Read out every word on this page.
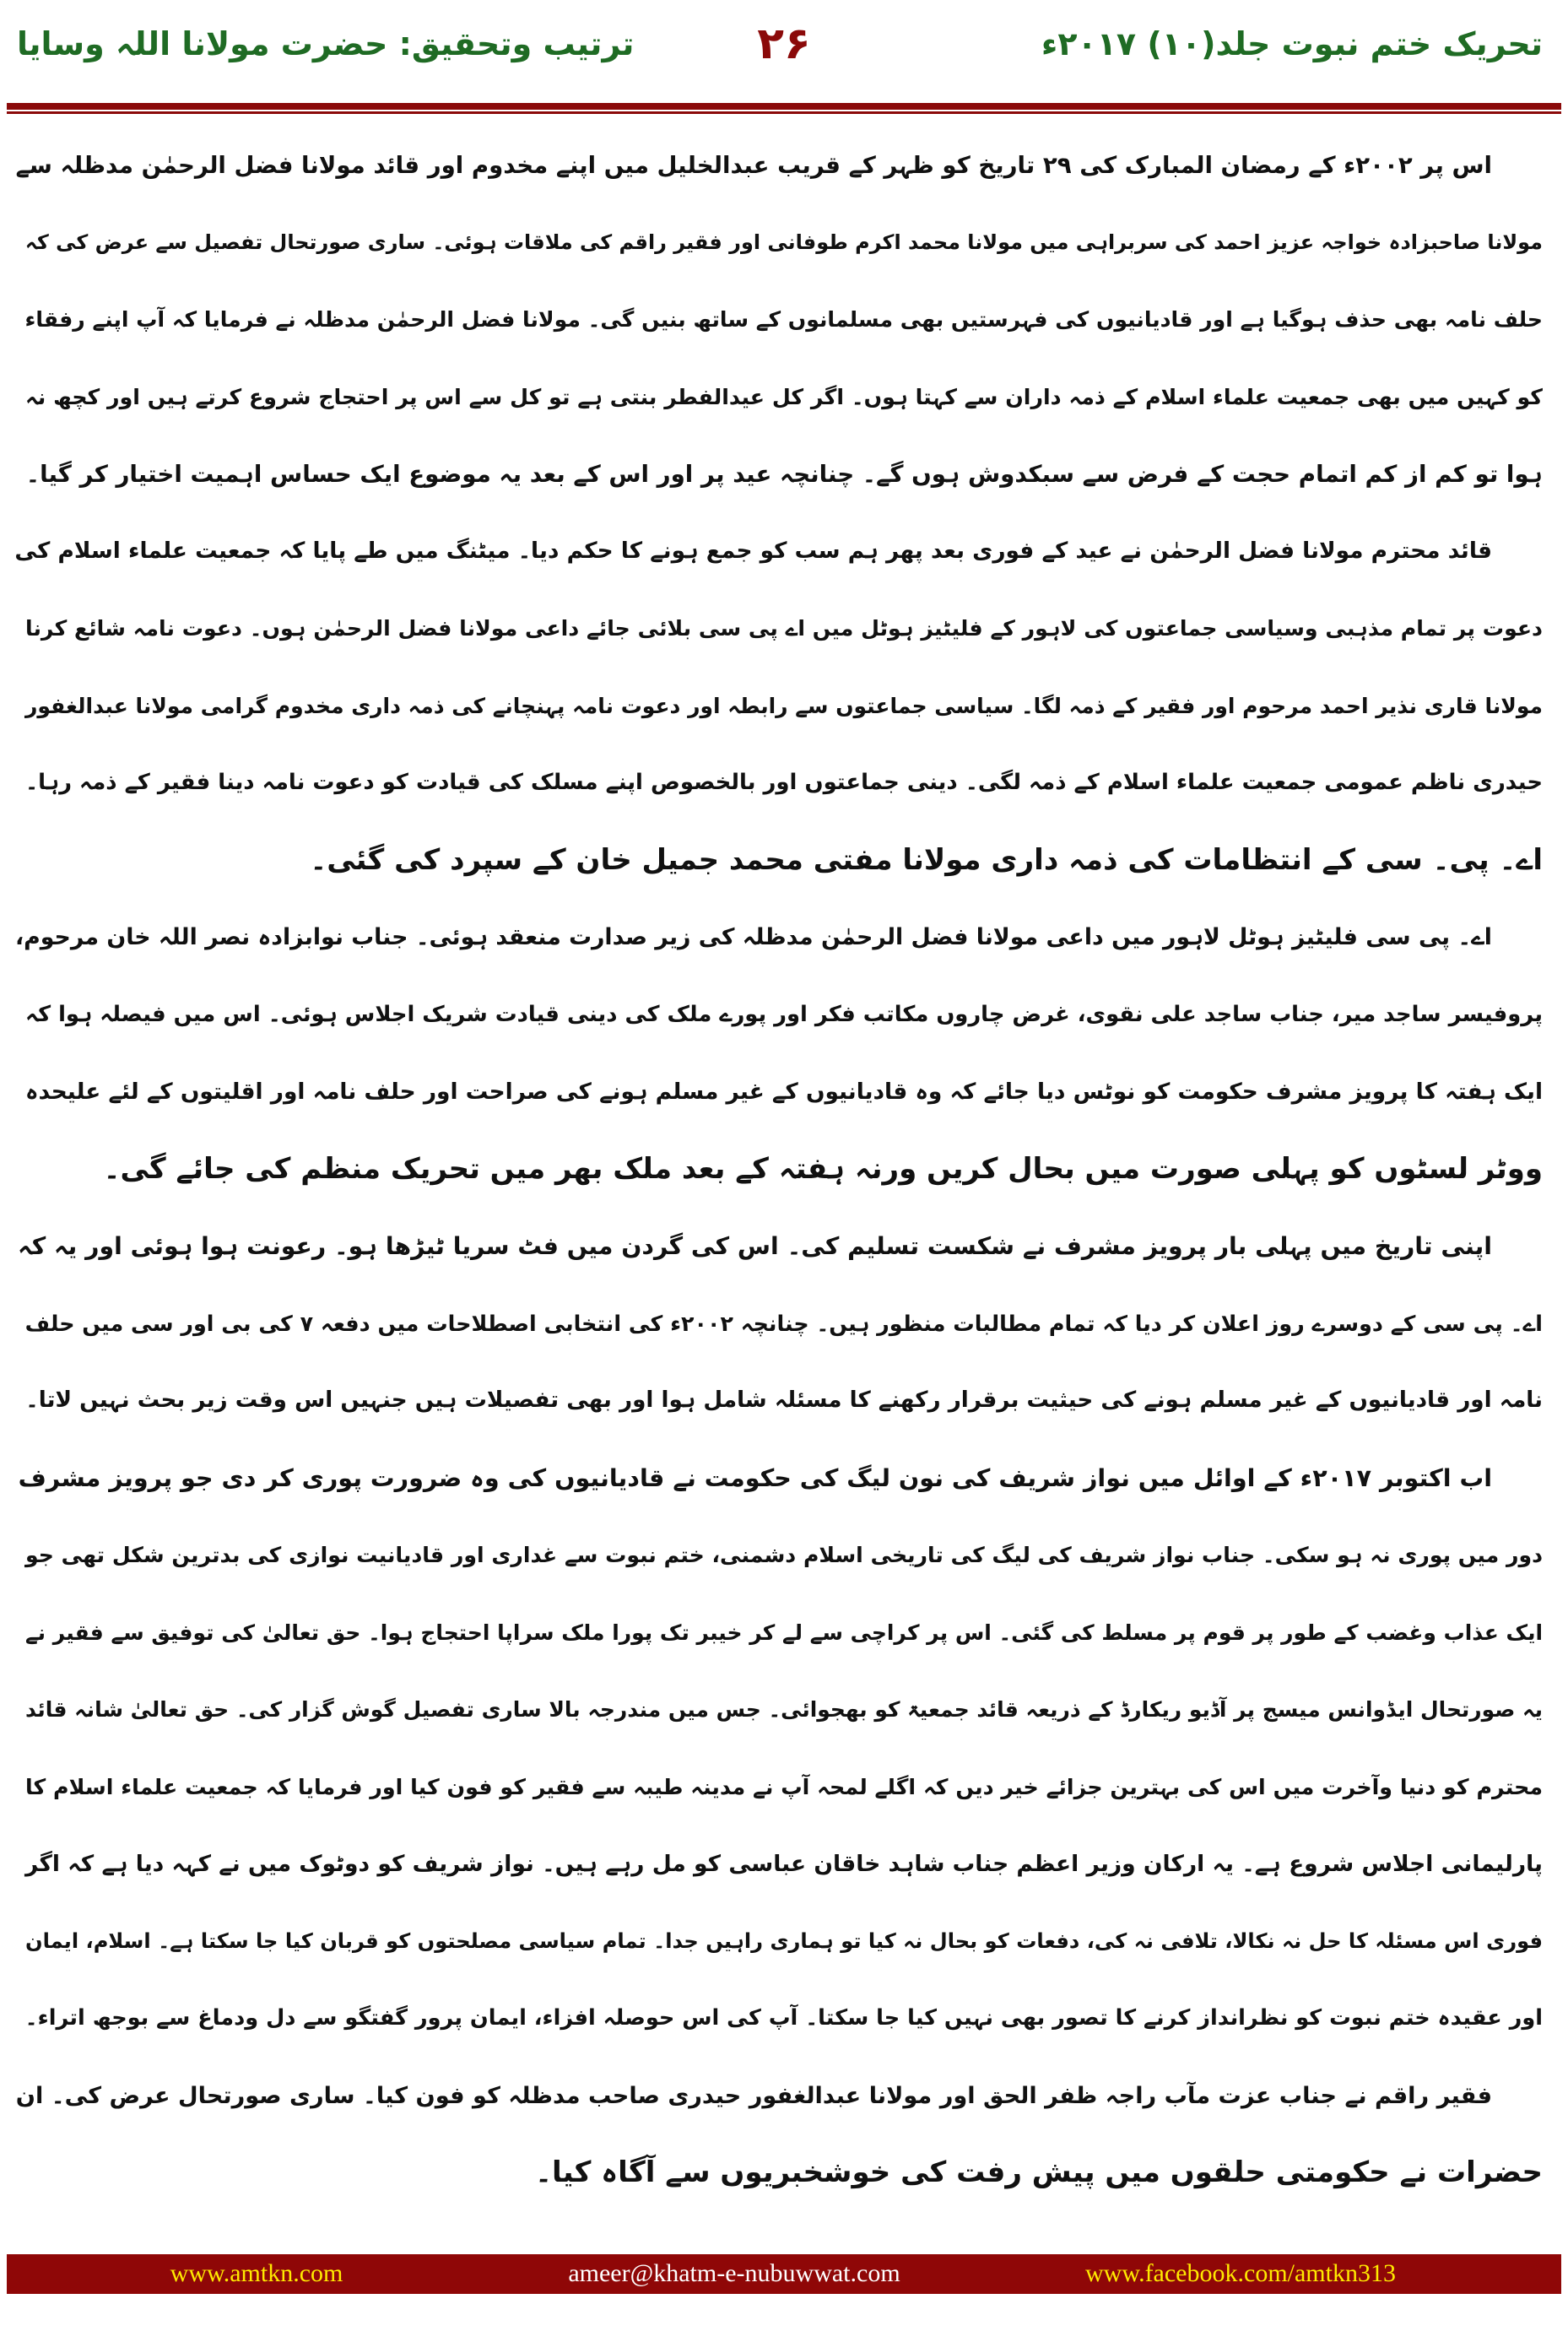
ترتیب وتحقیق: حضرت مولانا اللہ وسایا	۲۶	تحریک ختم نبوت جلد(۱۰) ۲۰۱۷ء
اس پر ۲۰۰۲ء کے رمضان المبارک کی ۲۹ تاریخ کو ظہر کے قریب عبدالخلیل میں اپنے مخدوم اور قائد مولانا فضل الرحمٰن مدظلہ سے
مولانا صاحبزادہ خواجہ عزیز احمد کی سربراہی میں مولانا محمد اکرم طوفانی اور فقیر راقم کی ملاقات ہوئی۔ ساری صورتحال تفصیل سے عرض کی کہ
حلف نامہ بھی حذف ہوگیا ہے اور قادیانیوں کی فہرستیں بھی مسلمانوں کے ساتھ بنیں گی۔ مولانا فضل الرحمٰن مدظلہ نے فرمایا کہ آپ اپنے رفقاء
کو کہیں میں بھی جمعیت علماء اسلام کے ذمہ داران سے کہتا ہوں۔ اگر کل عیدالفطر بنتی ہے تو کل سے اس پر احتجاج شروع کرتے ہیں اور کچھ نہ
ہوا تو کم از کم اتمام حجت کے فرض سے سبکدوش ہوں گے۔ چنانچہ عید پر اور اس کے بعد یہ موضوع ایک حساس اہمیت اختیار کر گیا۔
قائد محترم مولانا فضل الرحمٰن نے عید کے فوری بعد پھر ہم سب کو جمع ہونے کا حکم دیا۔ میٹنگ میں طے پایا کہ جمعیت علماء اسلام کی
دعوت پر تمام مذہبی وسیاسی جماعتوں کی لاہور کے فلیٹیز ہوٹل میں اے پی سی بلائی جائے داعی مولانا فضل الرحمٰن ہوں۔ دعوت نامہ شائع کرنا
مولانا قاری نذیر احمد مرحوم اور فقیر کے ذمہ لگا۔ سیاسی جماعتوں سے رابطہ اور دعوت نامہ پہنچانے کی ذمہ داری مخدوم گرامی مولانا عبدالغفور
حیدری ناظم عمومی جمعیت علماء اسلام کے ذمہ لگی۔ دینی جماعتوں اور بالخصوص اپنے مسلک کی قیادت کو دعوت نامہ دینا فقیر کے ذمہ رہا۔
اے۔ پی۔ سی کے انتظامات کی ذمہ داری مولانا مفتی محمد جمیل خان کے سپرد کی گئی۔
اے۔ پی سی فلیٹیز ہوٹل لاہور میں داعی مولانا فضل الرحمٰن مدظلہ کی زیر صدارت منعقد ہوئی۔ جناب نوابزادہ نصر اللہ خان مرحوم،
پروفیسر ساجد میر، جناب ساجد علی نقوی، غرض چاروں مکاتب فکر اور پورے ملک کی دینی قیادت شریک اجلاس ہوئی۔ اس میں فیصلہ ہوا کہ
ایک ہفتہ کا پرویز مشرف حکومت کو نوٹس دیا جائے کہ وہ قادیانیوں کے غیر مسلم ہونے کی صراحت اور حلف نامہ اور اقلیتوں کے لئے علیحدہ
ووٹر لسٹوں کو پہلی صورت میں بحال کریں ورنہ ہفتہ کے بعد ملک بھر میں تحریک منظم کی جائے گی۔
اپنی تاریخ میں پہلی بار پرویز مشرف نے شکست تسلیم کی۔ اس کی گردن میں فٹ سریا ٹیڑھا ہو۔ رعونت ہوا ہوئی اور یہ کہ
اے۔ پی سی کے دوسرے روز اعلان کر دیا کہ تمام مطالبات منظور ہیں۔ چنانچہ ۲۰۰۲ء کی انتخابی اصطلاحات میں دفعہ ۷ کی بی اور سی میں حلف
نامہ اور قادیانیوں کے غیر مسلم ہونے کی حیثیت برقرار رکھنے کا مسئلہ شامل ہوا اور بھی تفصیلات ہیں جنہیں اس وقت زیر بحث نہیں لاتا۔
اب اکتوبر ۲۰۱۷ء کے اوائل میں نواز شریف کی نون لیگ کی حکومت نے قادیانیوں کی وہ ضرورت پوری کر دی جو پرویز مشرف
دور میں پوری نہ ہو سکی۔ جناب نواز شریف کی لیگ کی تاریخی اسلام دشمنی، ختم نبوت سے غداری اور قادیانیت نوازی کی بدترین شکل تھی جو
ایک عذاب وغضب کے طور پر قوم پر مسلط کی گئی۔ اس پر کراچی سے لے کر خیبر تک پورا ملک سراپا احتجاج ہوا۔ حق تعالیٰ کی توفیق سے فقیر نے
یہ صورتحال ایڈوانس میسج پر آڈیو ریکارڈ کے ذریعہ قائد جمعیۃ کو بھجوائی۔ جس میں مندرجہ بالا ساری تفصیل گوش گزار کی۔ حق تعالیٰ شانہ قائد
محترم کو دنیا وآخرت میں اس کی بہترین جزائے خیر دیں کہ اگلے لمحہ آپ نے مدینہ طیبہ سے فقیر کو فون کیا اور فرمایا کہ جمعیت علماء اسلام کا
پارلیمانی اجلاس شروع ہے۔ یہ ارکان وزیر اعظم جناب شاہد خاقان عباسی کو مل رہے ہیں۔ نواز شریف کو دوٹوک میں نے کہہ دیا ہے کہ اگر
فوری اس مسئلہ کا حل نہ نکالا، تلافی نہ کی، دفعات کو بحال نہ کیا تو ہماری راہیں جدا۔ تمام سیاسی مصلحتوں کو قربان کیا جا سکتا ہے۔ اسلام، ایمان
اور عقیدہ ختم نبوت کو نظرانداز کرنے کا تصور بھی نہیں کیا جا سکتا۔ آپ کی اس حوصلہ افزاء، ایمان پرور گفتگو سے دل ودماغ سے بوجھ اتراء۔
فقیر راقم نے جناب عزت مآب راجہ ظفر الحق اور مولانا عبدالغفور حیدری صاحب مدظلہ کو فون کیا۔ ساری صورتحال عرض کی۔ ان
حضرات نے حکومتی حلقوں میں پیش رفت کی خوشخبریوں سے آگاہ کیا۔
www.amtkn.com	ameer@khatm-e-nubuwwat.com	www.facebook.com/amtkn313
